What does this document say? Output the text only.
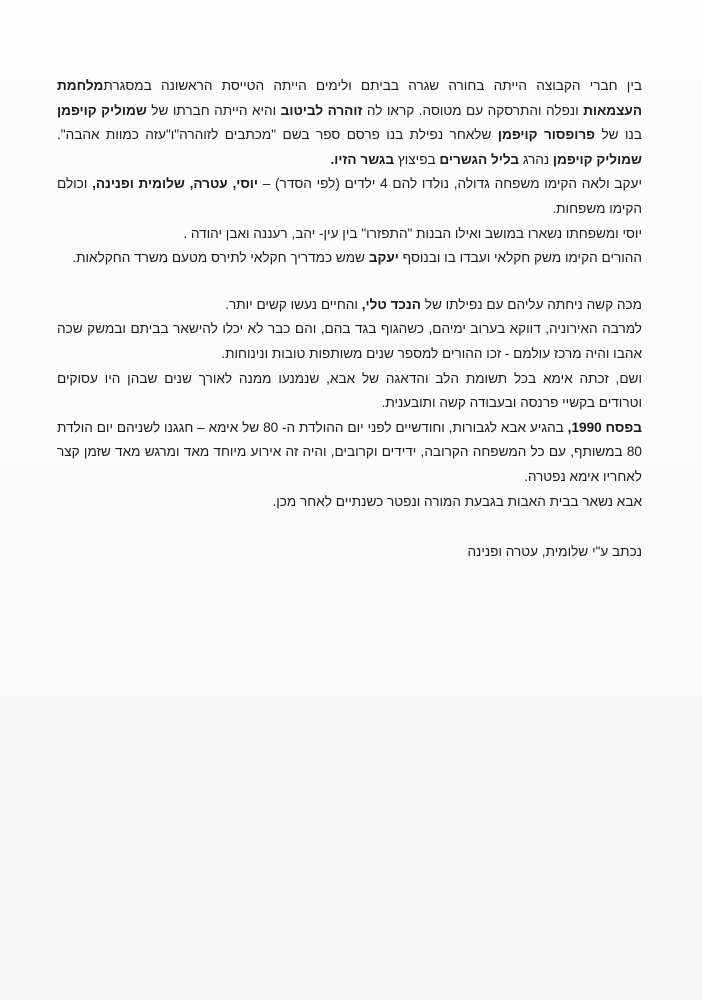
בין חברי הקבוצה הייתה בחורה שגרה בביתם ולימים הייתה הטייסת הראשונה במסגרתמלחמת העצמאות ונפלה והתרסקה עם מטוסה. קראו לה זוהרה לביטוב והיא הייתה חברתו של שמוליק קויפמן בנו של פרופסור קויפמן שלאחר נפילת בנו פרסם ספר בשם "מכתבים לזוהרה"ו"עזה כמוות אהבה". שמוליק קויפמן נהרג בליל הגשרים בפיצוץ בגשר הזיו.

יעקב ולאה הקימו משפחה גדולה, נולדו להם 4 ילדים (לפי הסדר) – יוסי, עטרה, שלומית ופנינה, וכולם הקימו משפחות.

יוסי ומשפחתו נשארו במושב ואילו הבנות "התפזרו" בין עין- יהב, רעננה ואבן יהודה .

ההורים הקימו משק חקלאי ועבדו בו ובנוסף יעקב שמש כמדריך חקלאי לתירס מטעם משרד החקלאות.

מכה קשה ניחתה עליהם עם נפילתו של הנכד טלי, והחיים נעשו קשים יותר.

למרבה האירוניה, דווקא בערוב ימיהם, כשהגוף בגד בהם, והם כבר לא יכלו להישאר בביתם ובמשק שכה אהבו והיה מרכז עולמם - זכו ההורים למספר שנים משותפות טובות ונינוחות.

ושם, זכתה אימא בכל תשומת הלב והדאגה של אבא, שנמנעו ממנה לאורך שנים שבהן היו עסוקים וטרודים בקשיי פרנסה ובעבודה קשה ותובענית.

בפסח 1990, בהגיע אבא לגבורות, וחודשיים לפני יום ההולדת ה- 80 של אימא – חגגנו לשניהם יום הולדת 80 במשותף, עם כל המשפחה הקרובה, ידידים וקרובים, והיה זה אירוע מיוחד מאד ומרגש מאד שזמן קצר לאחריו אימא נפטרה.

אבא נשאר בבית האבות בגבעת המורה ונפטר כשנתיים לאחר מכן.

נכתב ע"י שלומית, עטרה ופנינה
